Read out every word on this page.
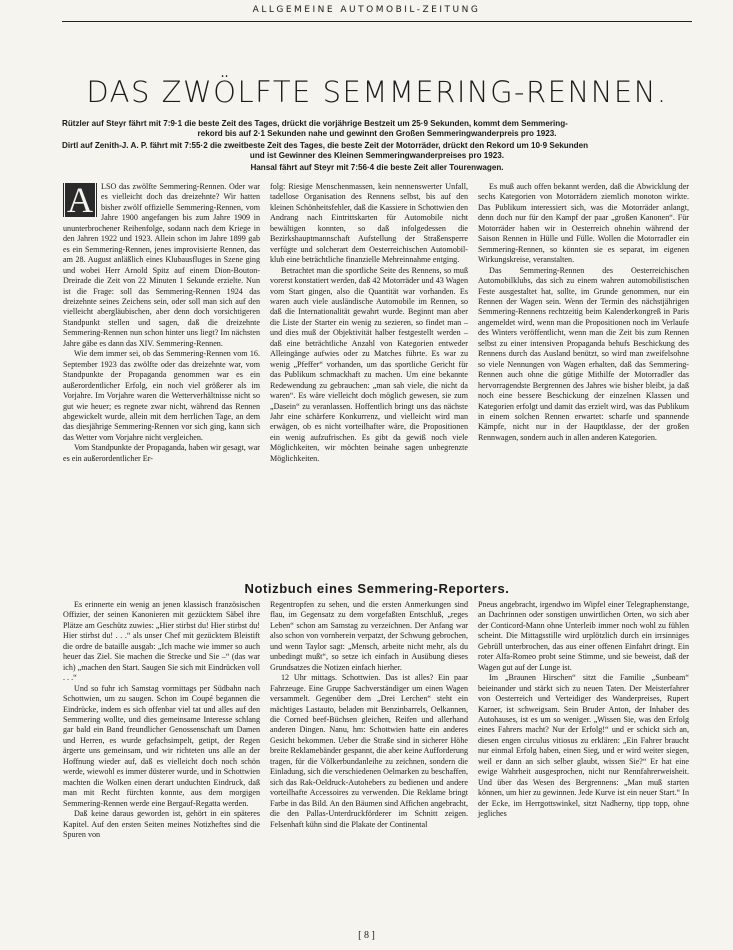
ALLGEMEINE AUTOMOBIL-ZEITUNG
DAS ZWÖLFTE SEMMERING-RENNEN.
Rützler auf Steyr fährt mit 7:9·1 die beste Zeit des Tages, drückt die vorjährige Bestzeit um 25·9 Sekunden, kommt dem Semmering-
rekord bis auf 2·1 Sekunden nahe und gewinnt den Großen Semmeringwanderpreis pro 1923.
Dirtl auf Zenith-J. A. P. fährt mit 7:55·2 die zweitbeste Zeit des Tages, die beste Zeit der Motorräder, drückt den Rekord um 10·9 Sekunden
und ist Gewinner des Kleinen Semmeringwanderpreises pro 1923.
Hansal fährt auf Steyr mit 7:56·4 die beste Zeit aller Tourenwagen.
A LSO das zwölfte Semmering-Rennen. Oder war es vielleicht doch das dreizehnte? Wir hatten bisher zwölf offizielle Semmering-Rennen, vom Jahre 1900 angefangen bis zum Jahre 1909 in ununterbrochener Reihenfolge, sodann nach dem Kriege in den Jahren 1922 und 1923. Allein schon im Jahre 1899 gab es ein Semmering-Rennen, jenes improvisierte Rennen, das am 28. August anläßlich eines Klubausfluges in Szene ging und wobei Herr Arnold Spitz auf einem Dion-Bouton-Dreirade die Zeit von 22 Minuten 1 Sekunde erzielte. Nun ist die Frage: soll das Semmering-Rennen 1924 das dreizehnte seines Zeichens sein, oder soll man sich auf den vielleicht abergläubischen, aber denn doch vorsichtigeren Standpunkt stellen und sagen, daß die dreizehnte Semmering-Rennen nun schon hinter uns liegt? Im nächsten Jahre gäbe es dann das XIV. Semmering-Rennen.

Wie dem immer sei, ob das Semmering-Rennen vom 16. September 1923 das zwölfte oder das dreizehnte war, vom Standpunkte der Propaganda genommen war es ein außerordentlicher Erfolg, ein noch viel größerer als im Vorjahre. Im Vorjahre waren die Wetterverhältnisse nicht so gut wie heuer; es regnete zwar nicht, während das Rennen abgewickelt wurde, allein mit dem herrlichen Tage, an dem das diesjährige Semmering-Rennen vor sich ging, kann sich das Wetter vom Vorjahre nicht vergleichen.

Vom Standpunkte der Propaganda, haben wir gesagt, war es ein außerordentlicher Er-

folg: Riesige Menschenmassen, kein nennenswerter Unfall, tadellose Organisation des Rennens selbst, bis auf den kleinen Schönheitsfehler, daß die Kassiere in Schottwien den Andrang nach Eintrittskarten für Automobile nicht bewältigen konnten, so daß infolgedessen die Bezirkshauptmannschaft Aufstellung der Straßensperre verfügte und solcherart dem Oesterreichischen Automobil-klub eine beträchtliche finanzielle Mehreinnahme entging.

Betrachtet man die sportliche Seite des Rennens, so muß vorerst konstatiert werden, daß 42 Motorräder und 43 Wagen vom Start gingen, also die Quantität war vorhanden. Es waren auch viele ausländische Automobile im Rennen, so daß die Internationalität gewahrt wurde. Beginnt man aber die Liste der Starter ein wenig zu sezieren, so findet man – und dies muß der Objektivität halber festgestellt werden – daß eine beträchtliche Anzahl von Kategorien entweder Alleingänge aufwies oder zu Matches führte. Es war zu wenig „Pfeffer“ vorhanden, um das sportliche Gericht für das Publikum schmackhaft zu machen. Um eine bekannte Redewendung zu gebrauchen: „man sah viele, die nicht da waren“. Es wäre vielleicht doch möglich gewesen, sie zum „Dasein“ zu veranlassen. Hoffentlich bringt uns das nächste Jahr eine schärfere Konkurrenz, und vielleicht wird man erwägen, ob es nicht vorteilhafter wäre, die Propositionen ein wenig aufzufrischen. Es gibt da gewiß noch viele Möglichkeiten, wir möchten beinahe sagen unbegrenzte Möglichkeiten.

Es muß auch offen bekannt werden, daß die Abwicklung der sechs Kategorien von Motorrädern ziemlich monoton wirkte. Das Publikum interessiert sich, was die Motorräder anlangt, denn doch nur für den Kampf der paar „großen Kanonen“. Für Motorräder haben wir in Oesterreich ohnehin während der Saison Rennen in Hülle und Fülle. Wollen die Motorradler ein Semmering-Rennen, so könnten sie es separat, im eigenen Wirkungskreise, veranstalten.

Das Semmering-Rennen des Oesterreichischen Automobilklubs, das sich zu einem wahren automobilistischen Feste ausgestaltet hat, sollte, im Grunde genommen, nur ein Rennen der Wagen sein. Wenn der Termin des nächstjährigen Semmering-Rennens rechtzeitig beim Kalenderkongreß in Paris angemeldet wird, wenn man die Propositionen noch im Verlaufe des Winters veröffentlicht, wenn man die Zeit bis zum Rennen selbst zu einer intensiven Propaganda behufs Beschickung des Rennens durch das Ausland benützt, so wird man zweifelsohne so viele Nennungen von Wagen erhalten, daß das Semmering-Rennen auch ohne die gütige Mithilfe der Motorradler das hervorragendste Bergrennen des Jahres wie bisher bleibt, ja daß noch eine bessere Beschickung der einzelnen Klassen und Kategorien erfolgt und damit das erzielt wird, was das Publikum in einem solchen Rennen erwartet: scharfe und spannende Kämpfe, nicht nur in der Hauptklasse, der der großen Rennwagen, sondern auch in allen anderen Kategorien.

Notizbuch eines Semmering-Reporters.

Es erinnerte ein wenig an jenen klassisch französischen Offizier, der seinen Kanonieren mit gezücktem Säbel ihre Plätze am Geschütz zuwies: „Hier stirbst du! Hier stirbst du! Hier stirbst du! . . .“ als unser Chef mit gezücktem Bleistift die ordre de bataille ausgab: „Ich mache wie immer so auch heuer das Ziel. Sie machen die Strecke und Sie –“ (das war ich) „machen den Start. Saugen Sie sich mit Eindrücken voll . . .“

Und so fuhr ich Samstag vormittags per Südbahn nach Schottwien, um zu saugen. Schon im Coupé begannen die Eindrücke, indem es sich offenbar viel tat und alles auf den Semmering wollte, und dies gemeinsame Interesse schlang gar bald ein Band freundlicher Genossenschaft um Damen und Herren, es wurde gefachsimpelt, getipt, der Regen ärgerte uns gemeinsam, und wir richteten uns alle an der Hoffnung wieder auf, daß es vielleicht doch noch schön werde, wiewohl es immer düsterer wurde, und in Schottwien machten die Wolken einen derart unduchten Eindruck, daß man mit Recht fürchten konnte, aus dem morgigen Semmering-Rennen werde eine Bergauf-Regatta werden.

Daß keine daraus geworden ist, gehört in ein späteres Kapitel. Auf den ersten Seiten meines Notizheftes sind die Spuren von

Regentropfen zu sehen, und die ersten Anmerkungen sind flau, im Gegensatz zu dem vorgefaßten Entschluß, „reges Leben“ schon am Samstag zu verzeichnen. Der Anfang war also schon von vornherein verpatzt, der Schwung gebrochen, und wenn Taylor sagt: „Mensch, arbeite nicht mehr, als du unbedingt mußt“, so setze ich einfach in Ausübung dieses Grundsatzes die Notizen einfach hierher.

12 Uhr mittags. Schottwien. Das ist alles? Ein paar Fahrzeuge. Eine Gruppe Sachverständiger um einen Wagen versammelt. Gegenüber dem „Drei Lerchen“ steht ein mächtiges Lastauto, beladen mit Benzinbarrels, Oelkannen, die Corned beef-Büchsen gleichen, Reifen und allerhand anderen Dingen. Nanu, hm: Schottwien hatte ein anderes Gesicht bekommen. Ueber die Straße sind in sicherer Höhe breite Reklamebänder gespannt, die aber keine Aufforderung tragen, für die Völkerbundanleihe zu zeichnen, sondern die Einladung, sich die verschiedenen Oelmarken zu beschaffen, sich das Rak-Oeldruck-Autohebers zu bedienen und andere vorteilhafte Accessoires zu verwenden. Die Reklame bringt Farbe in das Bild. An den Bäumen sind Affichen angebracht, die den Pallas-Unterdruckförderer im Schnitt zeigen. Felsenhaft kühn sind die Plakate der Continental

Pneus angebracht, irgendwo im Wipfel einer Telegraphenstange, an Dachrinnen oder sonstigen unwirtlichen Orten, wo sich aber der Conticord-Mann ohne Unterleib immer noch wohl zu fühlen scheint. Die Mittagsstille wird urplötzlich durch ein irrsinniges Gebrüll unterbrochen, das aus einer offenen Einfahrt dringt. Ein roter Alfa-Romeo probt seine Stimme, und sie beweist, daß der Wagen gut auf der Lunge ist.

Im „Braunen Hirschen“ sitzt die Familie „Sunbeam“ beieinander und stärkt sich zu neuen Taten. Der Meisterfahrer von Oesterreich und Verteidiger des Wanderpreises, Rupert Karner, ist schweigsam. Sein Bruder Anton, der Inhaber des Autohauses, ist es um so weniger. „Wissen Sie, was den Erfolg eines Fahrers macht? Nur der Erfolg!“ und er schickt sich an, diesen engen circulus vitiosus zu erklären: „Ein Fahrer braucht nur einmal Erfolg haben, einen Sieg, und er wird weiter siegen, weil er dann an sich selber glaubt, wissen Sie?“ Er hat eine ewige Wahrheit ausgesprochen, nicht nur Rennfahrerweisheit. Und über das Wesen des Bergrennens: „Man muß starten können, um hier zu gewinnen. Jede Kurve ist ein neuer Start.“ In der Ecke, im Herrgottswinkel, sitzt Nadherny, tipp topp, ohne jegliches

[ 8 ]
